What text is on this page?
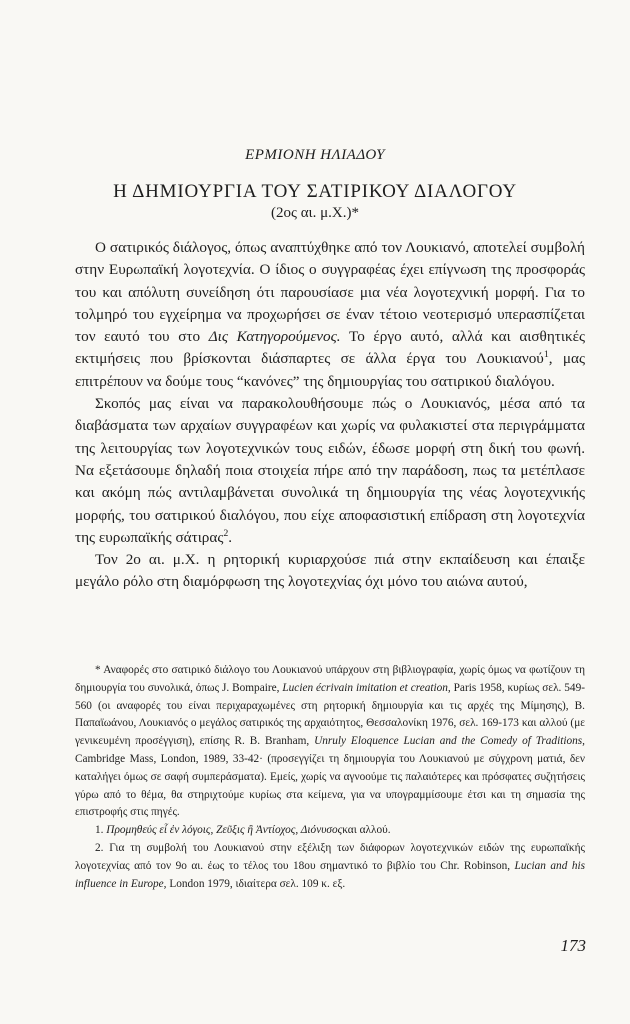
ΕΡΜΙΟΝΗ ΗΛΙΑΔΟΥ
Η ΔΗΜΙΟΥΡΓΙΑ ΤΟΥ ΣΑΤΙΡΙΚΟΥ ΔΙΑΛΟΓΟΥ
(2ος αι. μ.Χ.)*

Ο σατιρικός διάλογος, όπως αναπτύχθηκε από τον Λουκιανό, αποτελεί συμβολή στην Ευρωπαϊκή λογοτεχνία. Ο ίδιος ο συγγραφέας έχει επίγνωση της προσφοράς του και απόλυτη συνείδηση ότι παρουσίασε μια νέα λογοτεχνική μορφή. Για το τολμηρό του εγχείρημα να προχωρήσει σε έναν τέτοιο νεοτερισμό υπερασπίζεται τον εαυτό του στο Δις Κατηγορούμενος. Το έργο αυτό, αλλά και αισθητικές εκτιμήσεις που βρίσκονται διάσπαρτες σε άλλα έργα του Λουκιανού$^1$, μας επιτρέπουν να δούμε τους “κανόνες” της δημιουργίας του σατιρικού διαλόγου.

Σκοπός μας είναι να παρακολουθήσουμε πώς ο Λουκιανός, μέσα από τα διαβάσματα των αρχαίων συγγραφέων και χωρίς να φυλακιστεί στα περιγράμματα της λειτουργίας των λογοτεχνικών τους ειδών, έδωσε μορφή στη δική του φωνή. Να εξετάσουμε δηλαδή ποια στοιχεία πήρε από την παράδοση, πως τα μετέπλασε και ακόμη πώς αντιλαμβάνεται συνολικά τη δημιουργία της νέας λογοτεχνικής μορφής, του σατιρικού διαλόγου, που είχε αποφασιστική επίδραση στη λογοτεχνία της ευρωπαϊκής σάτιρας$^2$.

Τον 2ο αι. μ.Χ. η ρητορική κυριαρχούσε πιά στην εκπαίδευση και έπαιξε μεγάλο ρόλο στη διαμόρφωση της λογοτεχνίας όχι μόνο του αιώνα αυτού,

* Αναφορές στο σατιρικό διάλογο του Λουκιανού υπάρχουν στη βιβλιογραφία, χωρίς όμως να φωτίζουν τη δημιουργία του συνολικά, όπως J. Bompaire, Lucien écrivain imitation et creation, Paris 1958, κυρίως σελ. 549- 560 (οι αναφορές του είναι περιχαραχωμένες στη ρητορική δημιουργία και τις αρχές της Μίμησης), Β. Παπαϊωάνου, Λουκιανός ο μεγάλος σατιρικός της αρχαιότητος, Θεσσαλονίκη 1976, σελ. 169-173 και αλλού (με γενικευμένη προσέγγιση), επίσης R. B. Branham, Unruly Eloquence Lucian and the Comedy of Traditions, Cambridge Mass, London, 1989, 33-42· (προσεγγίζει τη δημιουργία του Λουκιανού με σύγχρονη ματιά, δεν καταλήγει όμως σε σαφή συμπεράσματα). Εμείς, χωρίς να αγνοούμε τις παλαιότερες και πρόσφατες συζητήσεις γύρω από το θέμα, θα στηριχτούμε κυρίως στα κείμενα, για να υπογραμμίσουμε έτσι και τη σημασία της επιστροφής στις πηγές.

1. Προμηθεύς εἶ ἐν λόγοις, Ζεῦξις ἢ Ἀντίοχος, Διόνυσοςκαι αλλού.

2. Για τη συμβολή του Λουκιανού στην εξέλιξη των διάφορων λογοτεχνικών ειδών της ευρωπαϊκής λογοτεχνίας από τον 9ο αι. έως το τέλος του 18ου σημαντικό το βιβλίο του Chr. Robinson, Lucian and his influence in Europe, London 1979, ιδιαίτερα σελ. 109 κ. εξ.

173
